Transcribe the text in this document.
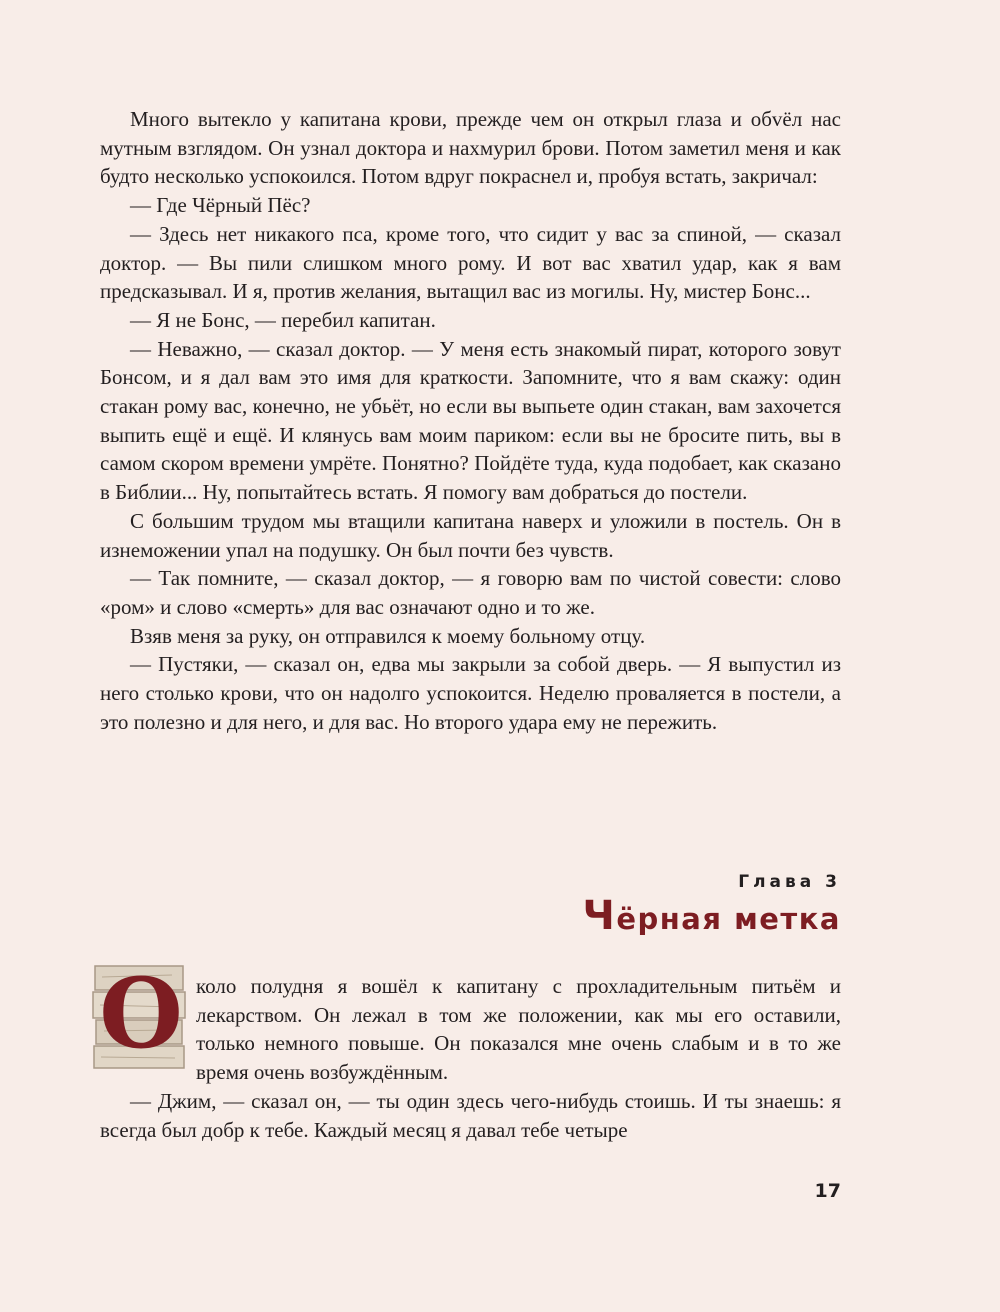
Много вытекло у капитана крови, прежде чем он открыл глаза и обvёл нас мутным взглядом. Он узнал доктора и нахмурил брови. Потом заметил меня и как будто несколько успокоился. Потом вдруг покраснел и, пробуя встать, закричал:

— Где Чёрный Пёс?

— Здесь нет никакого пса, кроме того, что сидит у вас за спиной, — сказал доктор. — Вы пили слишком много рому. И вот вас хватил удар, как я вам предсказывал. И я, против желания, вытащил вас из могилы. Ну, мистер Бонс...

— Я не Бонс, — перебил капитан.

— Неважно, — сказал доктор. — У меня есть знакомый пират, которого зовут Бонсом, и я дал вам это имя для краткости. Запомните, что я вам скажу: один стакан рому вас, конечно, не убьёт, но если вы выпьете один стакан, вам захочется выпить ещё и ещё. И клянусь вам моим париком: если вы не бросите пить, вы в самом скором времени умрёте. Понятно? Пойдёте туда, куда подобает, как сказано в Библии... Ну, попытайтесь встать. Я помогу вам добраться до постели.

С большим трудом мы втащили капитана наверх и уложили в постель. Он в изнеможении упал на подушку. Он был почти без чувств.

— Так помните, — сказал доктор, — я говорю вам по чистой совести: слово «ром» и слово «смерть» для вас означают одно и то же.

Взяв меня за руку, он отправился к моему больному отцу.

— Пустяки, — сказал он, едва мы закрыли за собой дверь. — Я выпустил из него столько крови, что он надолго успокоится. Неделю проваляется в постели, а это полезно и для него, и для вас. Но второго удара ему не пережить.

Глава 3
Чёрная метка
О коло полудня я вошёл к капитану с прохладительным питьём и лекарством. Он лежал в том же положении, как мы его оставили, только немного повыше. Он показался мне очень слабым и в то же время очень возбуждённым.

— Джим, — сказал он, — ты один здесь чего-нибудь стоишь. И ты знаешь: я всегда был добр к тебе. Каждый месяц я давал тебе четыре

17
